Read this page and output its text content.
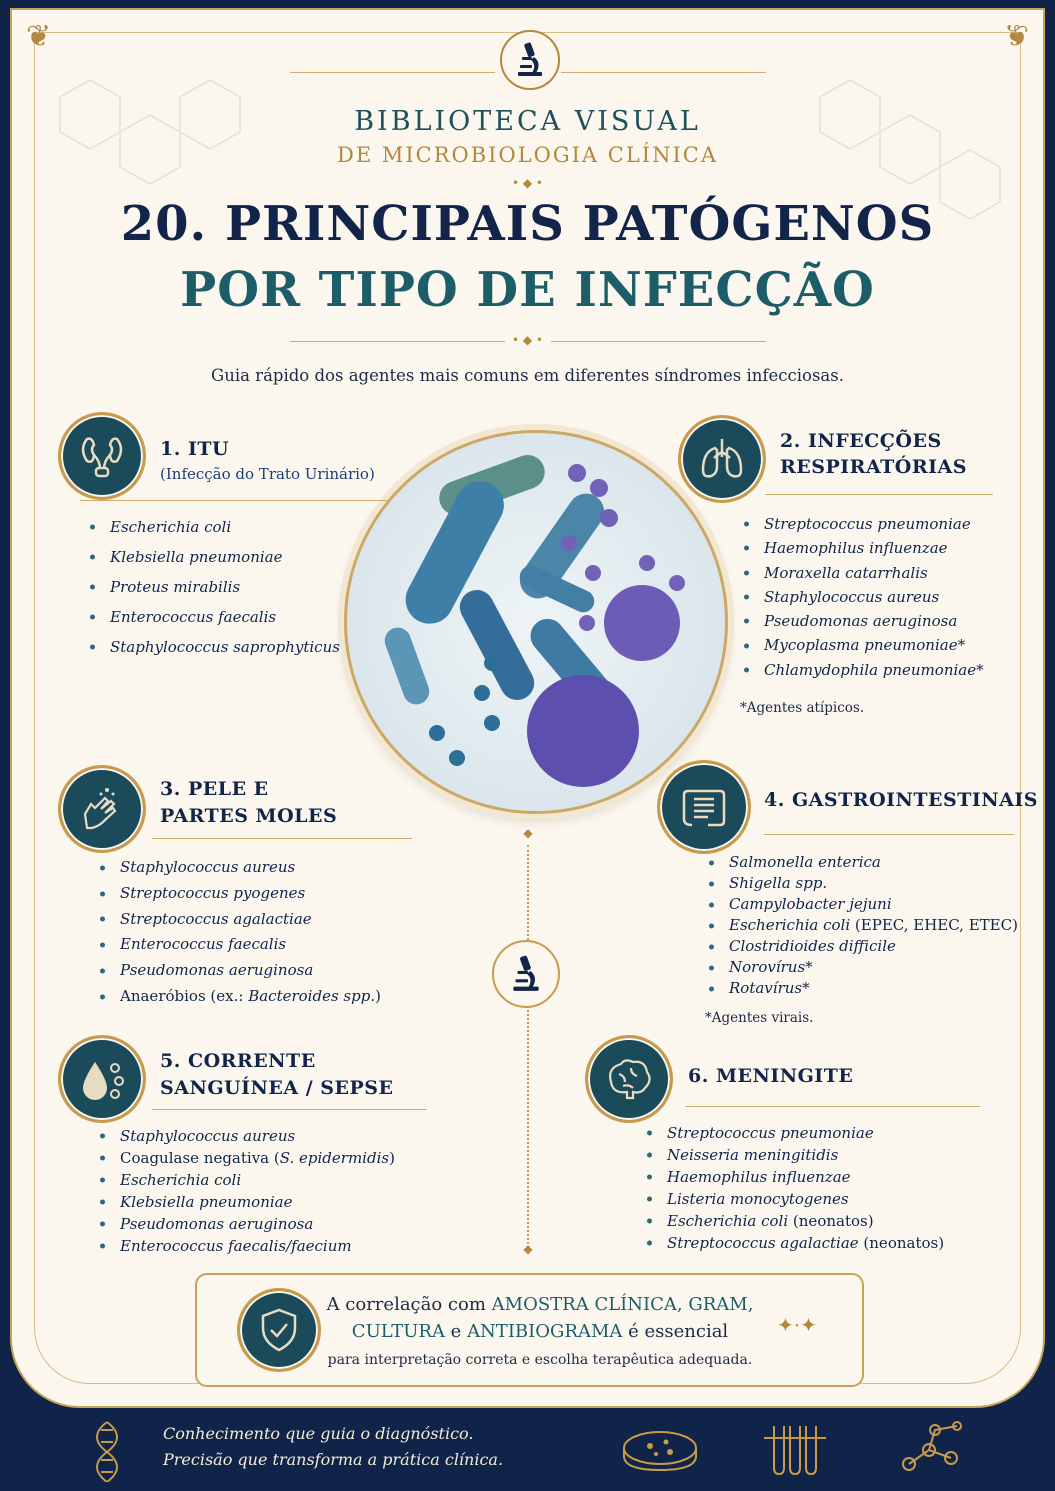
❦	❦
BIBLIOTECA VISUAL
DE MICROBIOLOGIA CLÍNICA
• ◆ •
20. PRINCIPAIS PATÓGENOS
POR TIPO DE INFECÇÃO
• ◆ •
Guia rápido dos agentes mais comuns em diferentes síndromes infecciosas.
1. ITU
(Infecção do Trato Urinário)
Escherichia coli
Klebsiella pneumoniae
Proteus mirabilis
Enterococcus faecalis
Staphylococcus saprophyticus
2. INFECÇÕES
RESPIRATÓRIAS
Streptococcus pneumoniae
Haemophilus influenzae
Moraxella catarrhalis
Staphylococcus aureus
Pseudomonas aeruginosa
Mycoplasma pneumoniae*
Chlamydophila pneumoniae*
*Agentes atípicos.
3. PELE E
PARTES MOLES
Staphylococcus aureus
Streptococcus pyogenes
Streptococcus agalactiae
Enterococcus faecalis
Pseudomonas aeruginosa
Anaeróbios (ex.: Bacteroides spp.)
4. GASTROINTESTINAIS
Salmonella enterica
Shigella spp.
Campylobacter jejuni
Escherichia coli (EPEC, EHEC, ETEC)
Clostridioides difficile
Norovírus*
Rotavírus*
*Agentes virais.
◆
◆
5. CORRENTE
SANGUÍNEA / SEPSE
Staphylococcus aureus
Coagulase negativa (S. epidermidis)
Escherichia coli
Klebsiella pneumoniae
Pseudomonas aeruginosa
Enterococcus faecalis/faecium
6. MENINGITE
Streptococcus pneumoniae
Neisseria meningitidis
Haemophilus influenzae
Listeria monocytogenes
Escherichia coli (neonatos)
Streptococcus agalactiae (neonatos)
✦·✦
A correlação com AMOSTRA CLÍNICA, GRAM,
CULTURA e ANTIBIOGRAMA é essencial
para interpretação correta e escolha terapêutica adequada.
Conhecimento que guia o diagnóstico.
Precisão que transforma a prática clínica.
